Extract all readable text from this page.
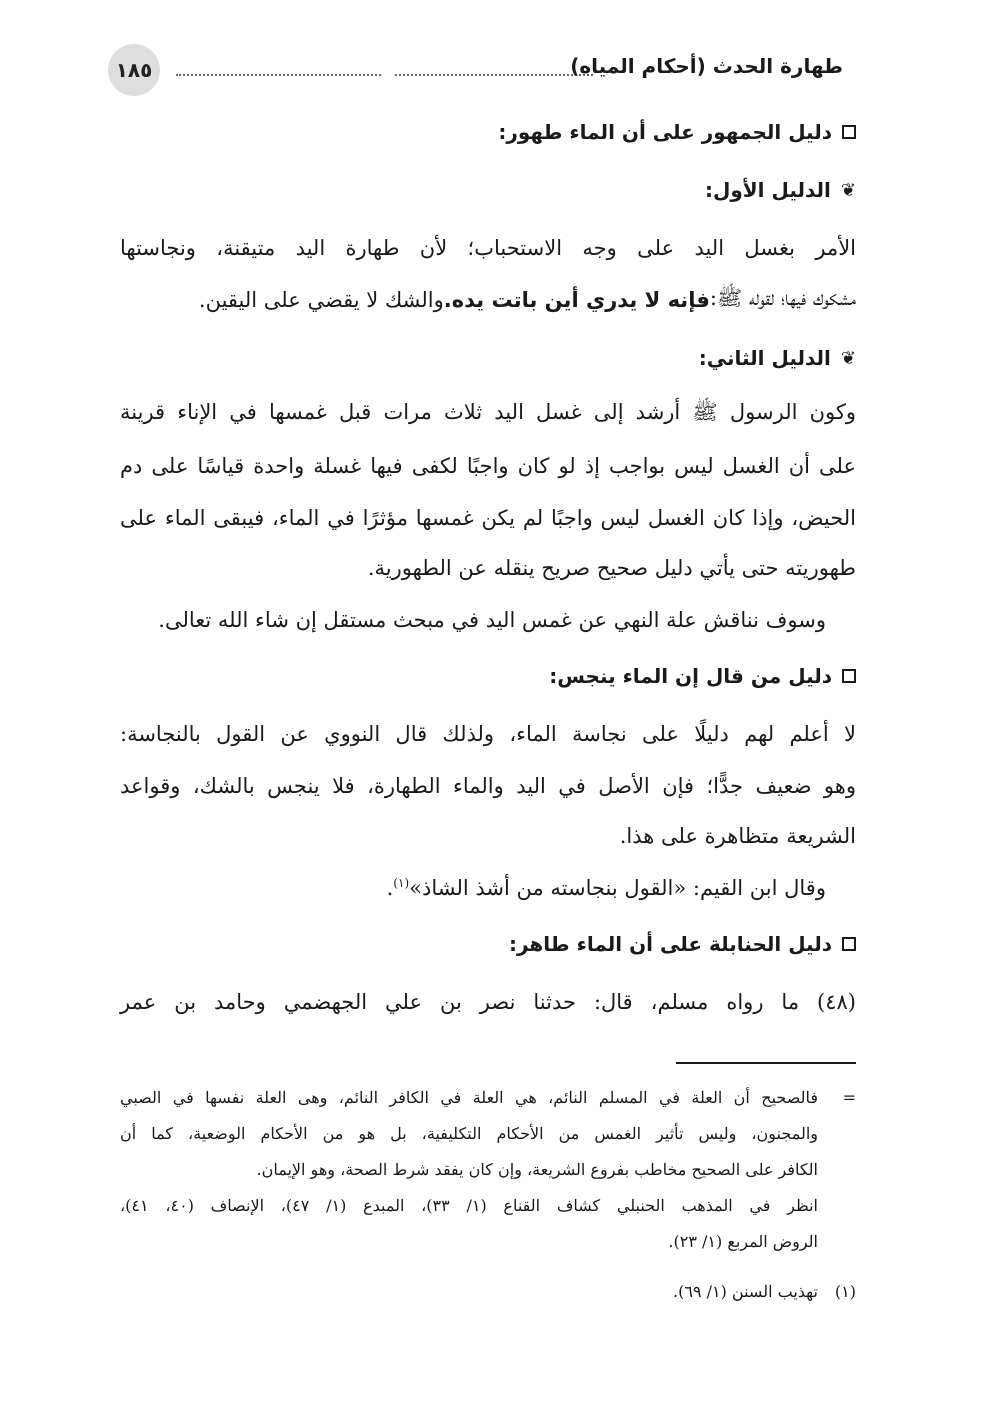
١٨٥	طهارة الحدث (أحكام المياه)
دليل الجمهور على أن الماء طهور:
❦
الدليل الأول:
الأمر بغسل اليد على وجه الاستحباب؛ لأن طهارة اليد متيقنة، ونجاستها
مشكوك فيها؛ لقوله ﷺ:
فإنه لا يدري أين باتت يده.
والشك لا يقضي على اليقين.
❦
الدليل الثاني:
وكون الرسول ﷺ أرشد إلى غسل اليد ثلاث مرات قبل غمسها في الإناء قرينة
على أن الغسل ليس بواجب إذ لو كان واجبًا لكفى فيها غسلة واحدة قياسًا على دم
الحيض، وإذا كان الغسل ليس واجبًا لم يكن غمسها مؤثرًا في الماء، فيبقى الماء على
طهوريته حتى يأتي دليل صحيح صريح ينقله عن الطهورية.
وسوف نناقش علة النهي عن غمس اليد في مبحث مستقل إن شاء الله تعالى.
دليل من قال إن الماء ينجس:
لا أعلم لهم دليلًا على نجاسة الماء، ولذلك قال النووي عن القول بالنجاسة:
وهو ضعيف جدًّا؛ فإن الأصل في اليد والماء الطهارة، فلا ينجس بالشك، وقواعد
الشريعة متظاهرة على هذا.
وقال ابن القيم: «القول بنجاسته من أشذ الشاذ»$^{(١)}$.
دليل الحنابلة على أن الماء طاهر:
(٤٨) ما رواه مسلم، قال: حدثنا نصر بن علي الجهضمي وحامد بن عمر
=
فالصحيح أن العلة في المسلم النائم، هي العلة في الكافر النائم، وهى العلة نفسها في الصبي
والمجنون، وليس تأثير الغمس من الأحكام التكليفية، بل هو من الأحكام الوضعية، كما أن
الكافر على الصحيح مخاطب بفروع الشريعة، وإن كان يفقد شرط الصحة، وهو الإيمان.
انظر في المذهب الحنبلي كشاف القناع (١/ ٣٣)، المبدع (١/ ٤٧)، الإنصاف (٤٠، ٤١)،
الروض المربع (١/ ٢٣).
(١)
تهذيب السنن (١/ ٦٩).
